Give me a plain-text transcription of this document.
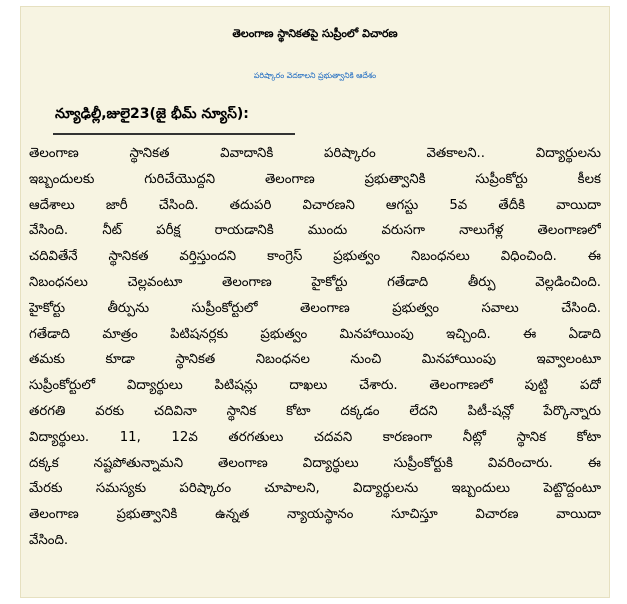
తెలంగాణ స్థానికతపై సుప్రీంలో విచారణ
పరిష్కారం వెదకాలని ప్రభుత్వానికి ఆదేశం
న్యూఢిల్లీ,జులై23(జై భీమ్ న్యూస్):
తెలంగాణ స్థానికత వివాదానికి పరిష్కారం వెతకాలని.. విద్యార్థులను
ఇబ్బందులకు గురిచేయొద్దని తెలంగాణ ప్రభుత్వానికి సుప్రీంకోర్టు కీలక
ఆదేశాలు జారీ చేసింది. తదుపరి విచారణని ఆగస్టు 5వ తేదీకి వాయిదా
వేసింది. నీట్ పరీక్ష రాయడానికి ముందు వరుసగా నాలుగేళ్ల తెలంగాణలో
చదివితేనే స్థానికత వర్తిస్తుందని కాంగ్రెస్ ప్రభుత్వం నిబంధనలు విధించింది. ఈ
నిబంధనలు చెల్లవంటూ తెలంగాణ హైకోర్టు గతేడాది తీర్పు వెల్లడించింది.
హైకోర్టు తీర్పును సుప్రీంకోర్టులో తెలంగాణ ప్రభుత్వం సవాలు చేసింది.
గతేడాది మాత్రం పిటిషనర్లకు ప్రభుత్వం మినహాయింపు ఇచ్చింది. ఈ ఏడాది
తమకు కూడా స్థానికత నిబంధనల నుంచి మినహాయింపు ఇవ్వాలంటూ
సుప్రీంకోర్టులో విద్యార్థులు పిటిషన్లు దాఖలు చేశారు. తెలంగాణలో పుట్టి పదో
తరగతి వరకు చదివినా స్థానిక కోటా దక్కడం లేదని పిటీ-షన్లో పేర్కొన్నారు
విద్యార్థులు. 11, 12వ తరగతులు చదవని కారణంగా నీట్లో స్థానిక కోటా
దక్కక నష్టపోతున్నామని తెలంగాణ విద్యార్థులు సుప్రీంకోర్టుకి వివరించారు. ఈ
మేరకు సమస్యకు పరిష్కారం చూపాలని, విద్యార్థులను ఇబ్బందులు పెట్టొద్దంటూ
తెలంగాణ ప్రభుత్వానికి ఉన్నత న్యాయస్థానం సూచిస్తూ విచారణ వాయిదా
వేసింది.
